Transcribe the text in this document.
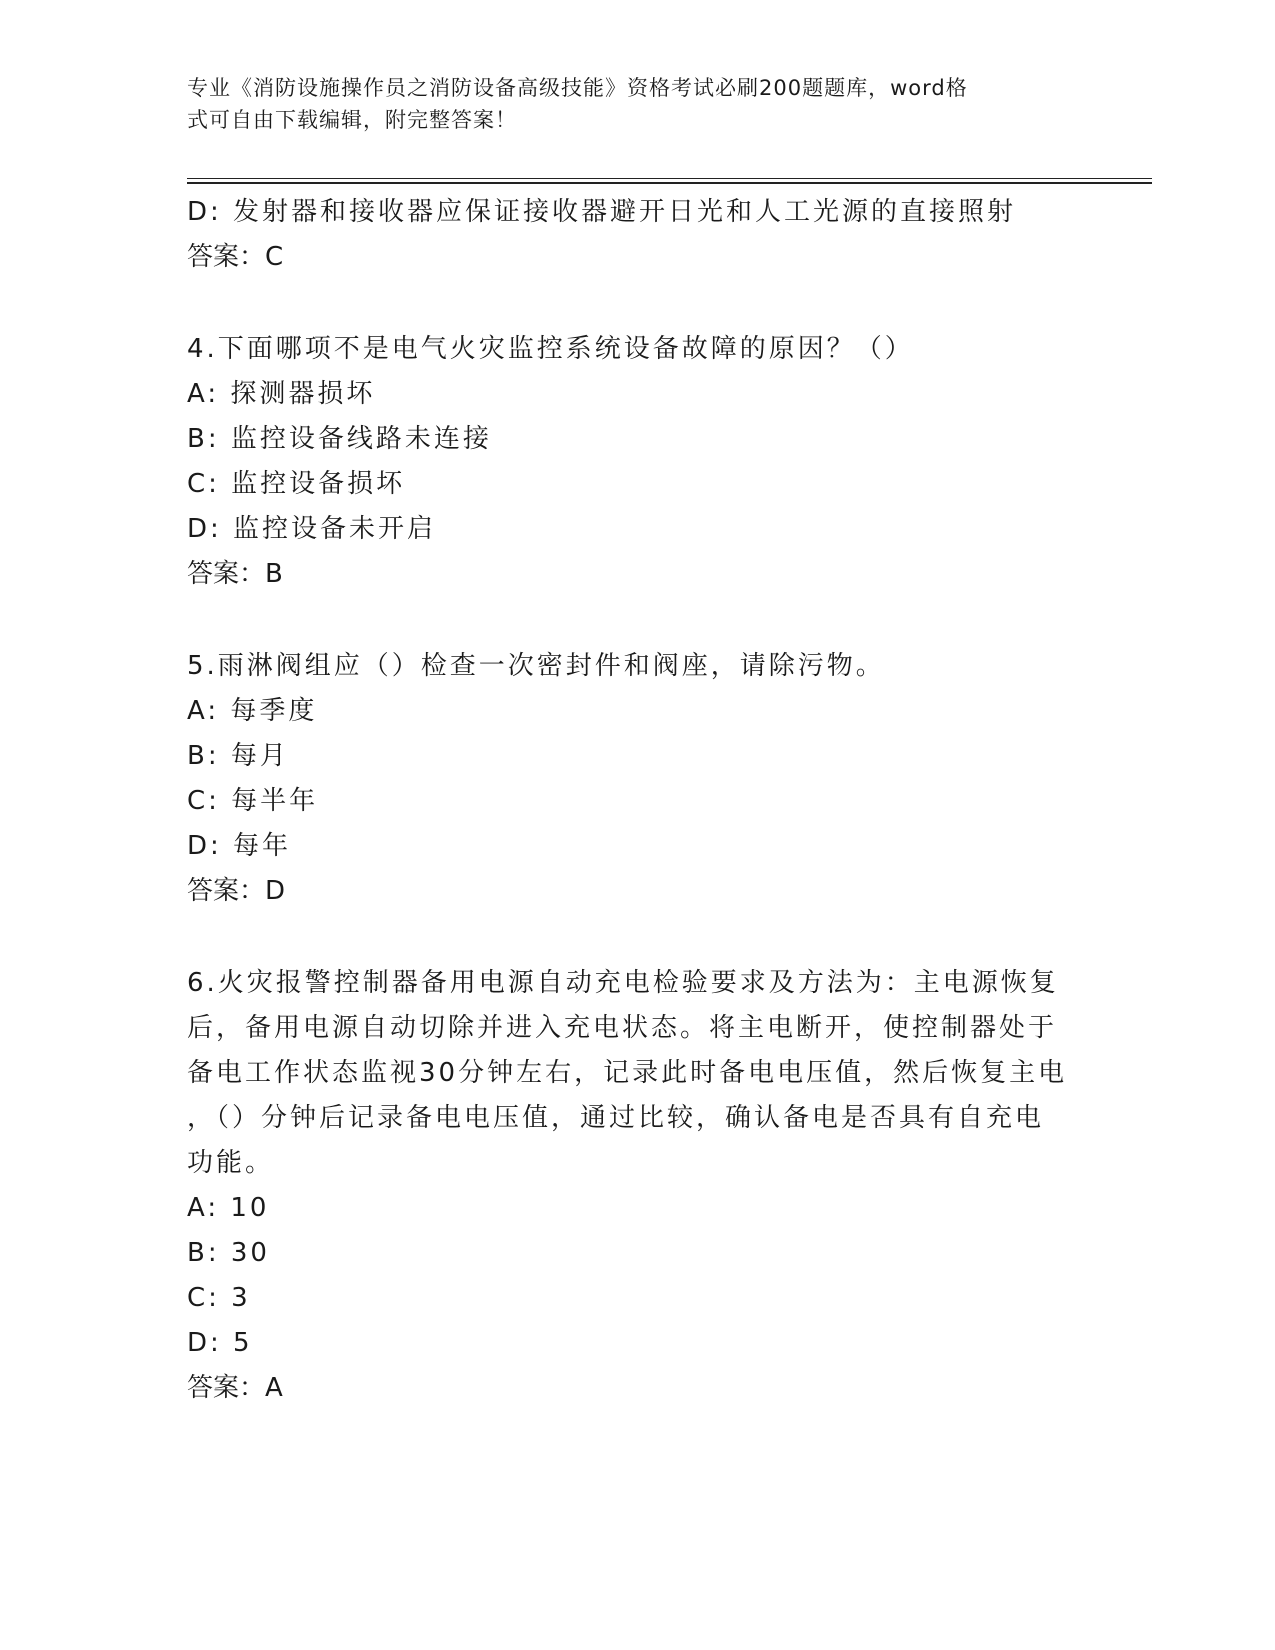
专业《消防设施操作员之消防设备高级技能》资格考试必刷200题题库，word格
式可自由下载编辑，附完整答案！
D: 发射器和接收器应保证接收器避开日光和人工光源的直接照射
答案：C
4.下面哪项不是电气火灾监控系统设备故障的原因？（）
A: 探测器损坏
B: 监控设备线路未连接
C: 监控设备损坏
D: 监控设备未开启
答案：B
5.雨淋阀组应（）检查一次密封件和阀座，请除污物。
A: 每季度
B: 每月
C: 每半年
D: 每年
答案：D
6.火灾报警控制器备用电源自动充电检验要求及方法为：主电源恢复
后，备用电源自动切除并进入充电状态。将主电断开，使控制器处于
备电工作状态监视30分钟左右，记录此时备电电压值，然后恢复主电
，（）分钟后记录备电电压值，通过比较，确认备电是否具有自充电
功能。
A: 10
B: 30
C: 3
D: 5
答案：A
